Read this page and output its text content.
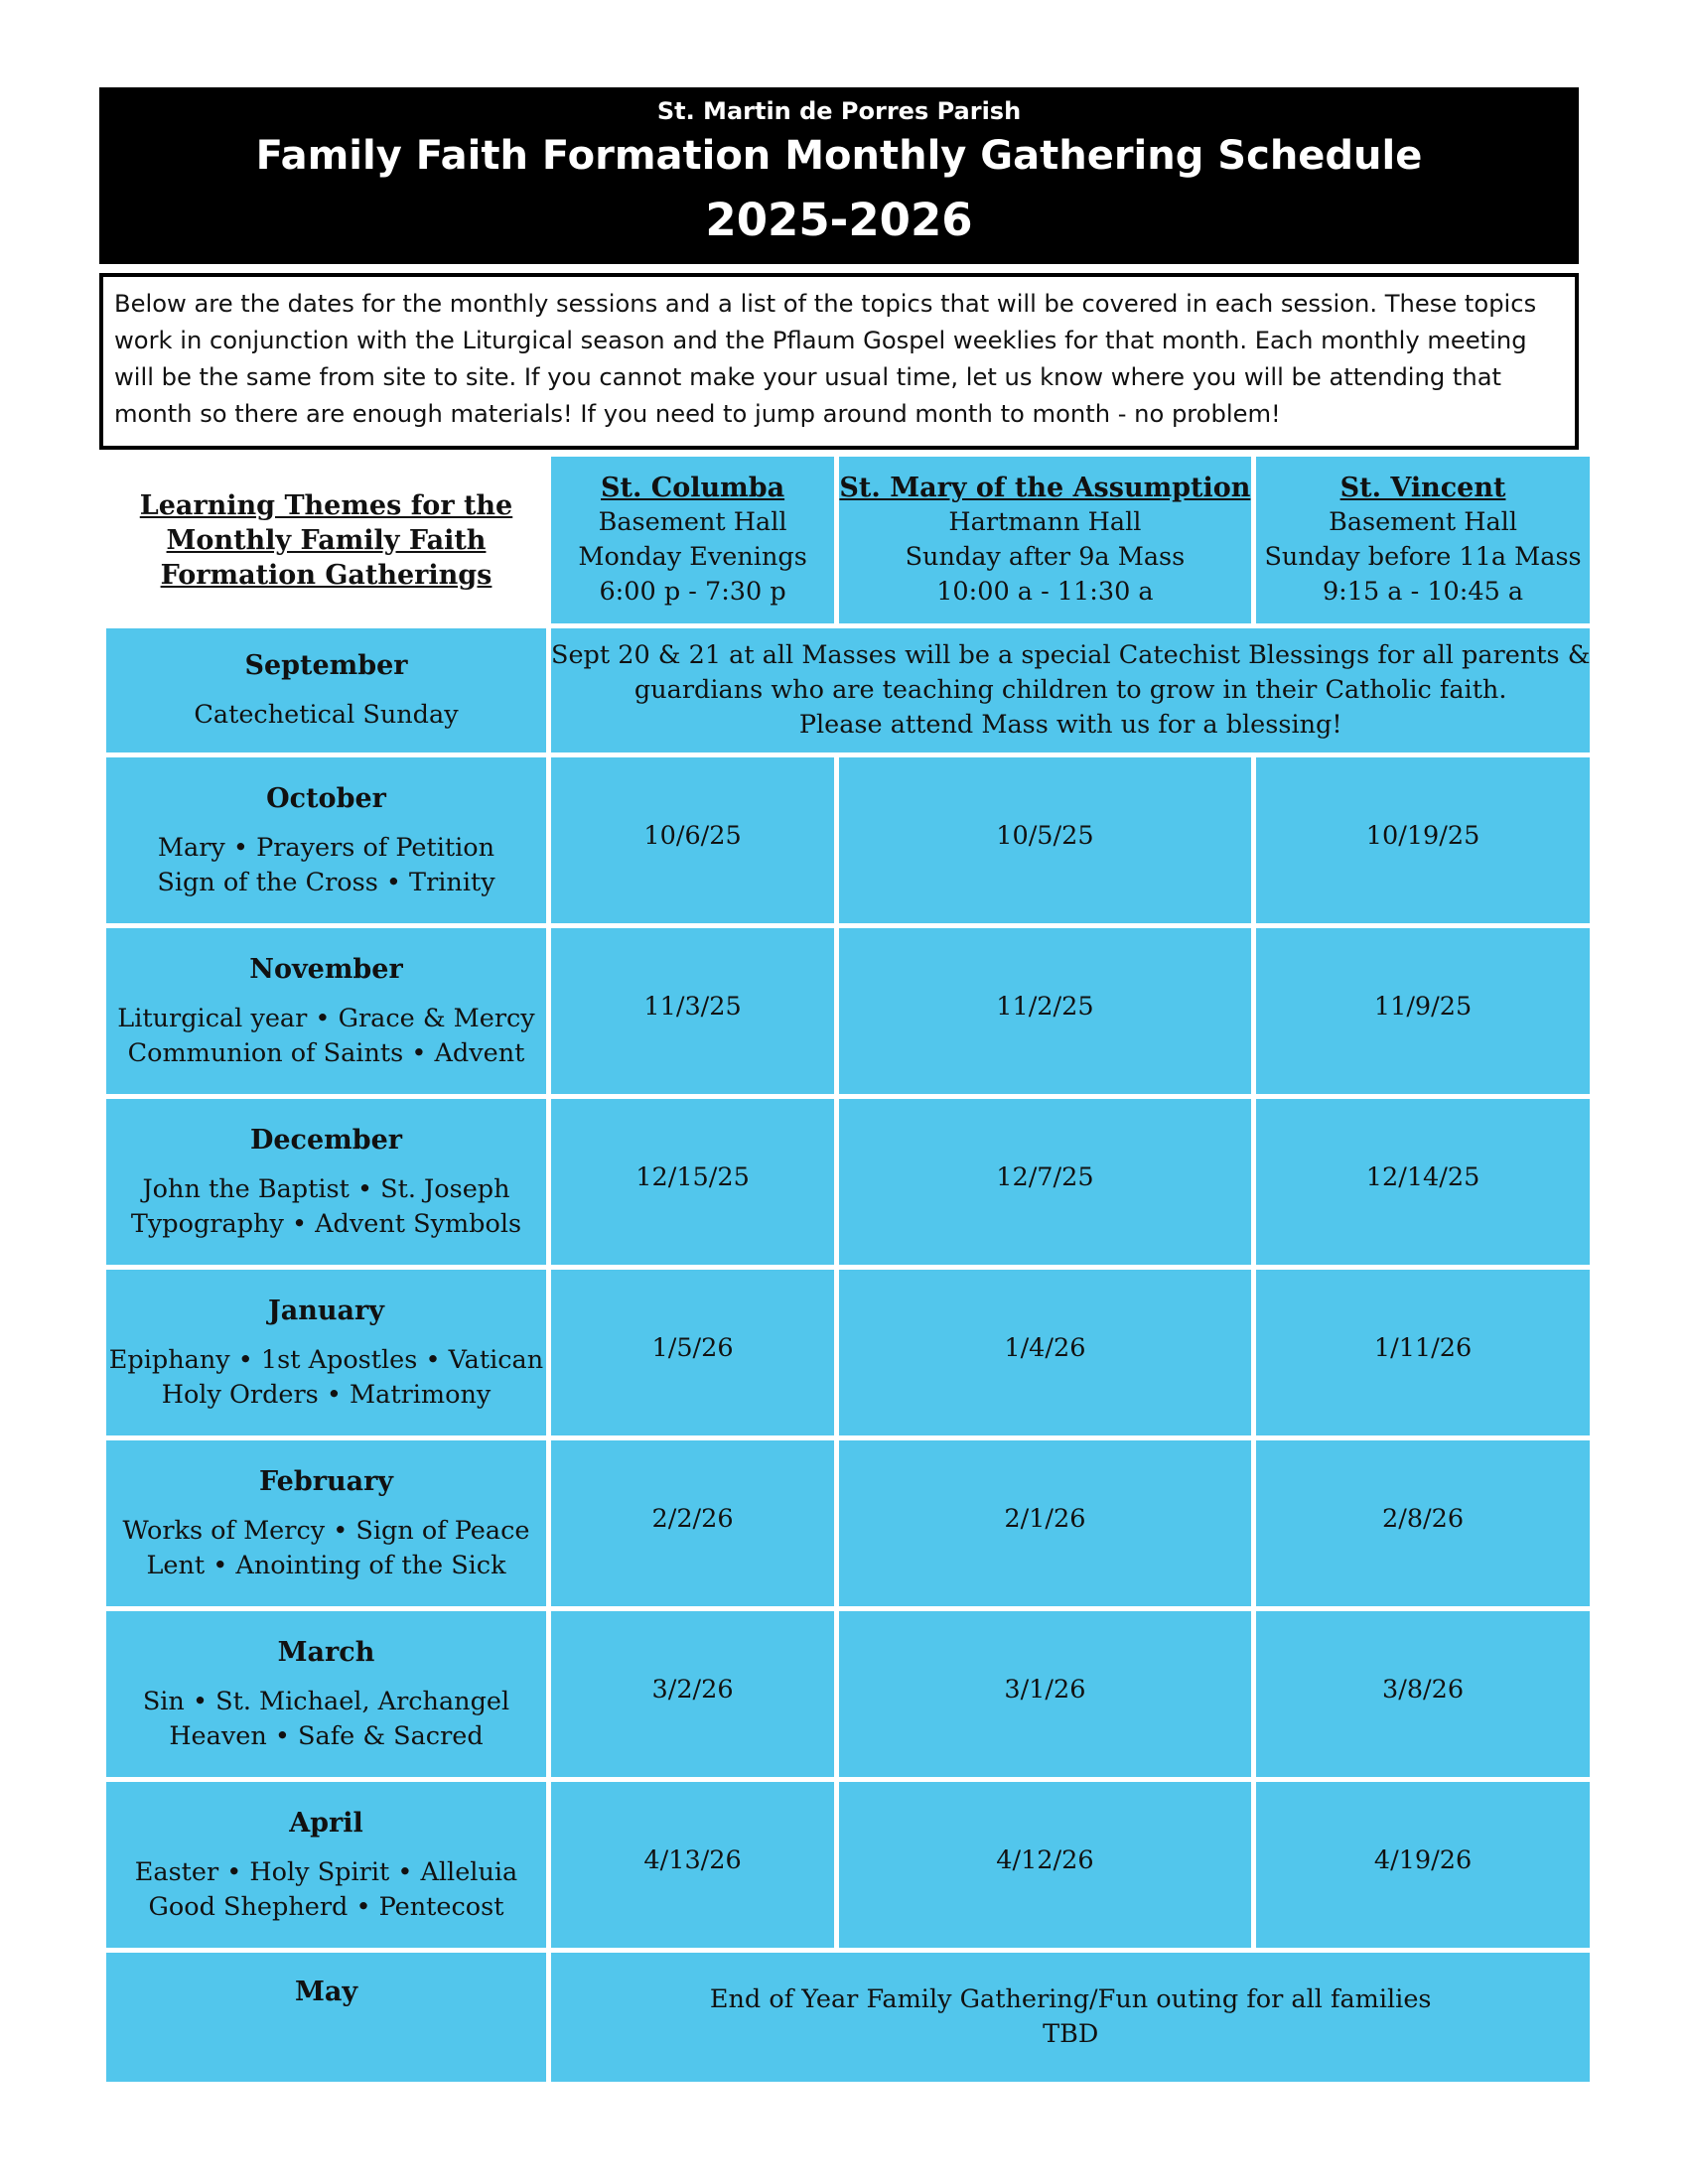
St. Martin de Porres Parish
Family Faith Formation Monthly Gathering Schedule
2025-2026
Below are the dates for the monthly sessions and a list of the topics that will be covered in each session. These topics
work in conjunction with the Liturgical season and the Pflaum Gospel weeklies for that month. Each monthly meeting
will be the same from site to site. If you cannot make your usual time, let us know where you will be attending that
month so there are enough materials! If you need to jump around month to month - no problem!
Learning Themes for the
Monthly Family Faith
Formation Gatherings	St. Columba
Basement Hall
Monday Evenings
6:00 p - 7:30 p	St. Mary of the Assumption
Hartmann Hall
Sunday after 9a Mass
10:00 a - 11:30 a	St. Vincent
Basement Hall
Sunday before 11a Mass
9:15 a - 10:45 a

September
Catechetical Sunday	Sept 20 & 21 at all Masses will be a special Catechist Blessings for all parents &
guardians who are teaching children to grow in their Catholic faith.
Please attend Mass with us for a blessing!		

October
Mary • Prayers of Petition
Sign of the Cross • Trinity	10/6/25	10/5/25	10/19/25

November
Liturgical year • Grace & Mercy
Communion of Saints • Advent	11/3/25	11/2/25	11/9/25

December
John the Baptist • St. Joseph
Typography • Advent Symbols	12/15/25	12/7/25	12/14/25

January
Epiphany • 1st Apostles • Vatican
Holy Orders • Matrimony	1/5/26	1/4/26	1/11/26

February
Works of Mercy • Sign of Peace
Lent • Anointing of the Sick	2/2/26	2/1/26	2/8/26

March
Sin • St. Michael, Archangel
Heaven • Safe & Sacred	3/2/26	3/1/26	3/8/26

April
Easter • Holy Spirit • Alleluia
Good Shepherd • Pentecost	4/13/26	4/12/26	4/19/26

May	End of Year Family Gathering/Fun outing for all families
TBD		
